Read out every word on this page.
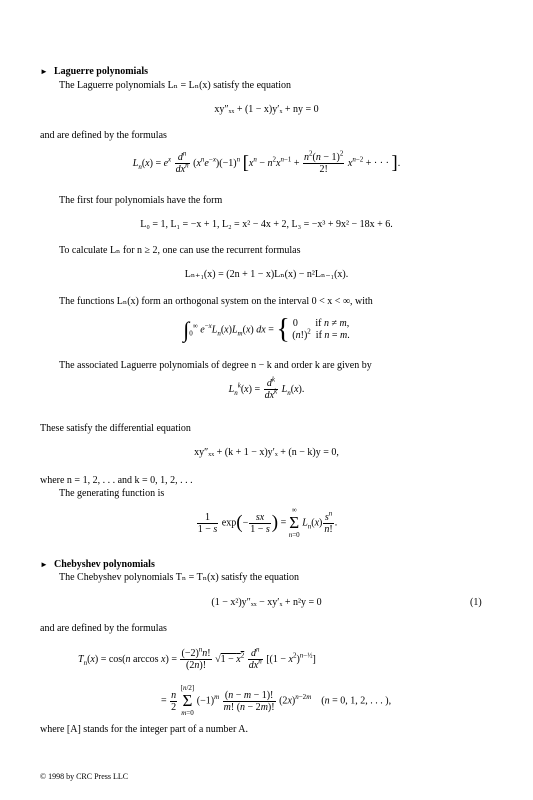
► Laguerre polynomials
The Laguerre polynomials Lₙ = Lₙ(x) satisfy the equation
xy″ₓₓ + (1 − x)y′ₓ + ny = 0
and are defined by the formulas
$L_n(x) = e^x \frac{d^n}{dx^n} (x^ne^{-x})(-1)^n$ [$x^n - n^2x^{n-1} + \frac{n^2(n - 1)^2}{2!} x^{n-2}$ + · · · ].
The first four polynomials have the form
L₀ = 1, L₁ = −x + 1, L₂ = x² − 4x + 2, L₃ = −x³ + 9x² − 18x + 6.
To calculate Lₙ for n ≥ 2, one can use the recurrent formulas
Lₙ₊₁(x) = (2n + 1 − x)Lₙ(x) − n²Lₙ₋₁(x).
The functions Lₙ(x) form an orthogonal system on the interval 0 < x < ∞, with
$\int_0^\infty$ $e^{-x}L_n(x)L_m(x)$ dx = { 0       if n ≠ m,
$(n!)^2$  if n = m.
The associated Laguerre polynomials of degree n − k and order k are given by
$L_n^k(x) = \frac{d^k}{dx^k} L_n(x)$.
These satisfy the differential equation
xy″ₓₓ + (k + 1 − x)y′ₓ + (n − k)y = 0,
where n = 1, 2, . . . and k = 0, 1, 2, . . .
The generating function is
$\frac{1}{1 - s} \exp(- \frac{sx}{1 - s}$ ) =
∞
Σ
n=0
$L_n(x) \frac{s^n}{n!}$ .
► Chebyshev polynomials
The Chebyshev polynomials Tₙ = Tₙ(x) satisfy the equation
(1 − x²)y″ₓₓ − xy′ₓ + n²y = 0	(1)
and are defined by the formulas
$T_n(x) = \cos(n$ $\arccos x) = \frac{(-2)^nn!}{(2n)!} √1 - x^2 \frac{d^n}{dx^n} [(1 - x^2)^{n-\frac{1}{2}}]$
= $\frac{n}{2}$

[n/2]
Σ
m=0
$(-1)^m \frac{(n - m - 1)!}{m! (n - 2m)!} (2x)^{n-2m}$    (n = 0, 1, 2, . . . ),
where [A] stands for the integer part of a number A.
© 1998 by CRC Press LLC
